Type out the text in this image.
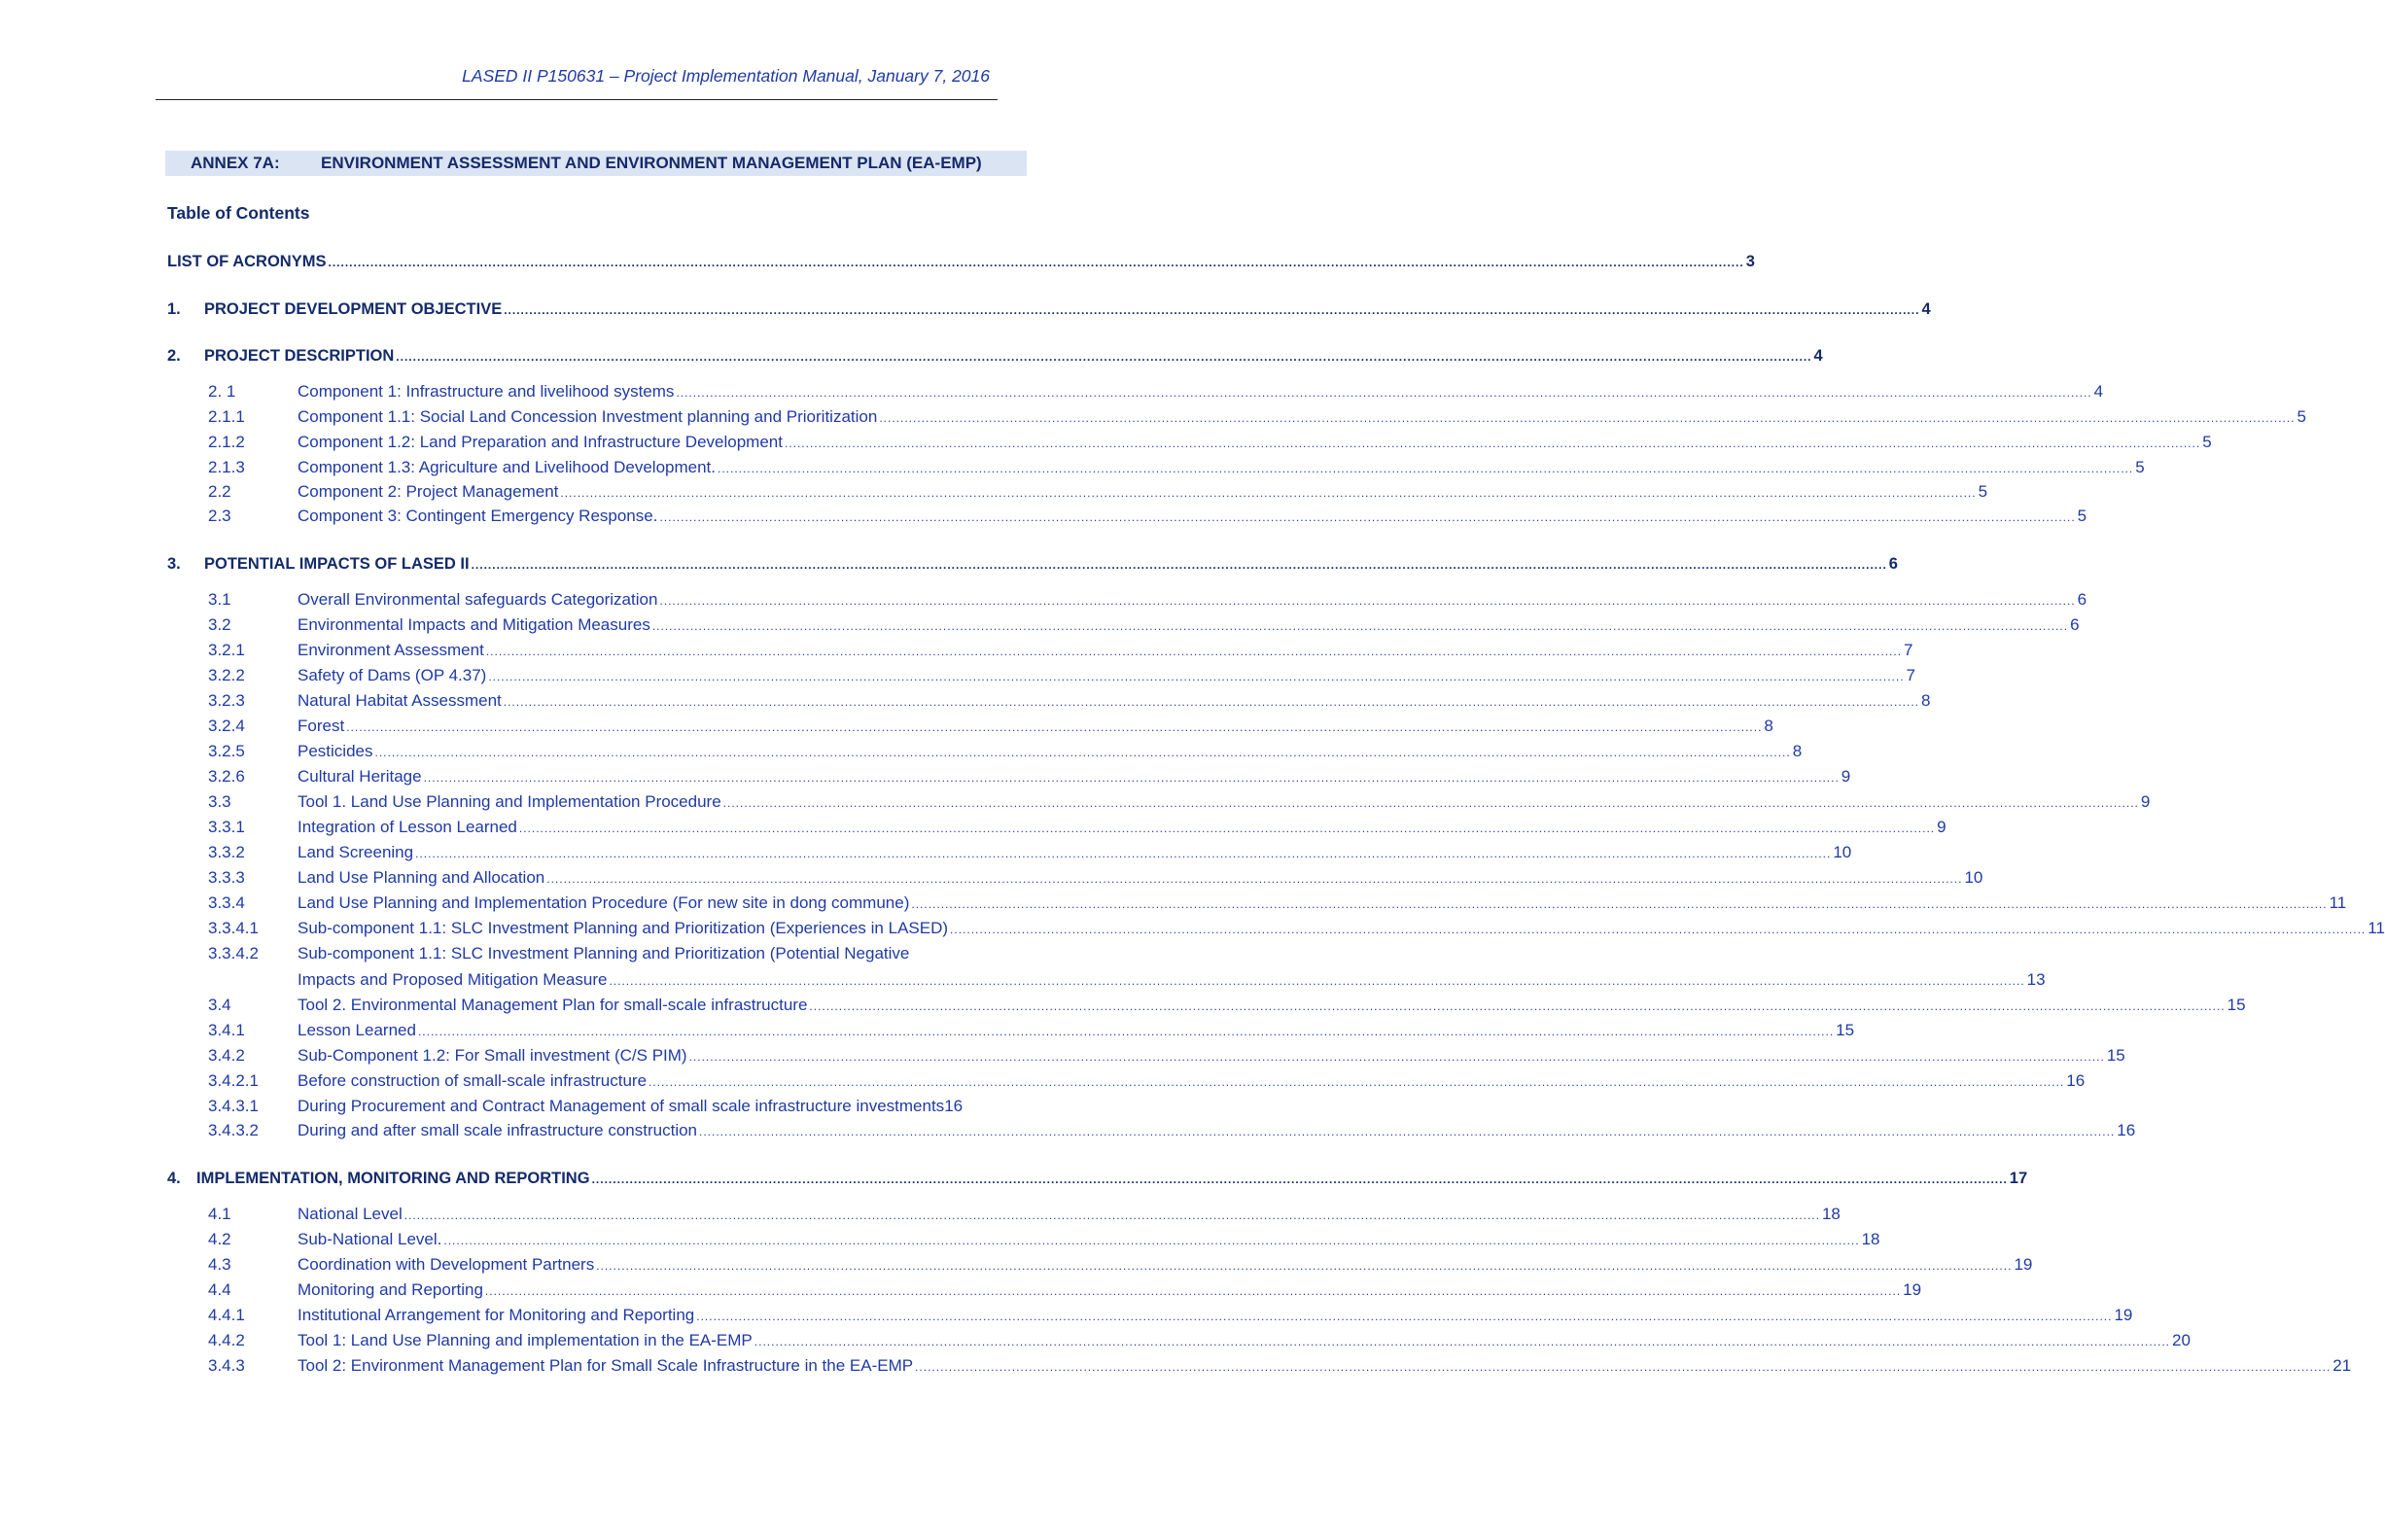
LASED II P150631 – Project Implementation Manual, January 7, 2016
ANNEX 7A: ENVIRONMENT ASSESSMENT AND ENVIRONMENT MANAGEMENT PLAN (EA-EMP)
Table of Contents
LIST OF ACRONYMS .....	3
1.	PROJECT DEVELOPMENT OBJECTIVE .....	4
2.	PROJECT DESCRIPTION .....	4
2. 1	Component 1: Infrastructure and livelihood systems .....	4
2.1.1	Component 1.1: Social Land Concession Investment planning and Prioritization .....	5
2.1.2	Component 1.2: Land Preparation and Infrastructure Development .....	5
2.1.3	Component 1.3: Agriculture and Livelihood Development. .....	5
2.2	Component 2: Project Management .....	5
2.3	Component 3: Contingent Emergency Response. .....	5
3.	POTENTIAL IMPACTS OF LASED II .....	6
3.1	Overall Environmental safeguards Categorization .....	6
3.2	Environmental Impacts and Mitigation Measures .....	6
3.2.1	Environment Assessment .....	7
3.2.2	Safety of Dams (OP 4.37) .....	7
3.2.3	Natural Habitat Assessment .....	8
3.2.4	Forest .....	8
3.2.5	Pesticides .....	8
3.2.6	Cultural Heritage .....	9
3.3	Tool 1. Land Use Planning and Implementation Procedure .....	9
3.3.1	Integration of Lesson Learned .....	9
3.3.2	Land Screening .....	10
3.3.3	Land Use Planning and Allocation .....	10
3.3.4	Land Use Planning and Implementation Procedure (For new site in dong commune) .....	11
3.3.4.1	Sub-component 1.1: SLC Investment Planning and Prioritization (Experiences in LASED) .....	11
3.3.4.2	Sub-component 1.1: SLC Investment Planning and Prioritization (Potential Negative
Impacts and Proposed Mitigation Measure .....	13
3.4	Tool 2. Environmental Management Plan for small-scale infrastructure .....	15
3.4.1	Lesson Learned .....	15
3.4.2	Sub-Component 1.2: For Small investment (C/S PIM) .....	15
3.4.2.1	Before construction of small-scale infrastructure .....	16
3.4.3.1	During Procurement and Contract Management of small scale infrastructure investments 16
3.4.3.2	During and after small scale infrastructure construction .....	16
4. IMPLEMENTATION, MONITORING AND REPORTING .....	17
4.1	National Level .....	18
4.2	Sub-National Level. .....	18
4.3	Coordination with Development Partners .....	19
4.4	Monitoring and Reporting .....	19
4.4.1	Institutional Arrangement for Monitoring and Reporting .....	19
4.4.2	Tool 1: Land Use Planning and implementation in the EA-EMP .....	20
3.4.3	Tool 2: Environment Management Plan for Small Scale Infrastructure in the EA-EMP .....	21
